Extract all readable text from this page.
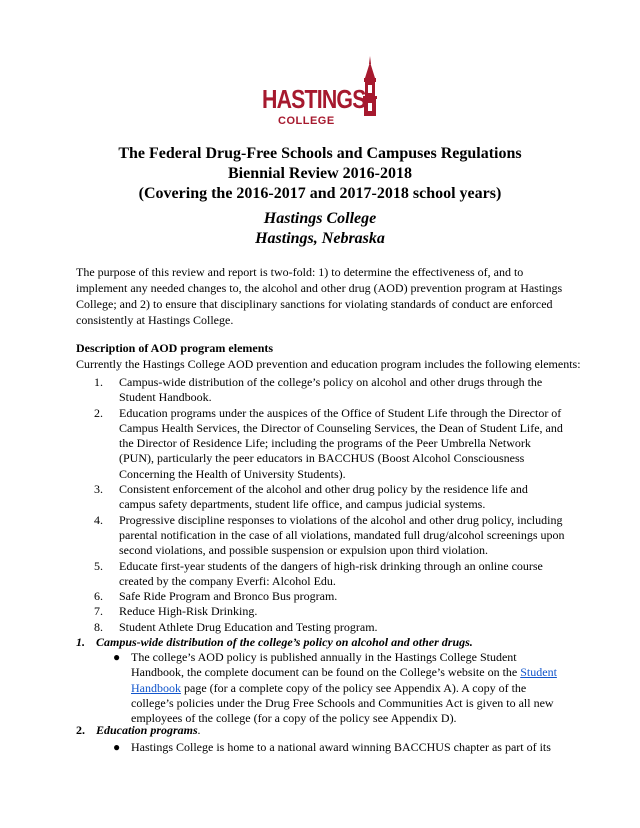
HASTINGS
COLLEGE
The Federal Drug-Free Schools and Campuses Regulations
Biennial Review 2016-2018
(Covering the 2016-2017 and 2017-2018 school years)
Hastings College
Hastings, Nebraska
The purpose of this review and report is two-fold: 1) to determine the effectiveness of, and to implement any needed changes to, the alcohol and other drug (AOD) prevention program at Hastings College; and 2) to ensure that disciplinary sanctions for violating standards of conduct are enforced consistently at Hastings College.
Description of AOD program elements
Currently the Hastings College AOD prevention and education program includes the following elements:
1. Campus-wide distribution of the college’s policy on alcohol and other drugs through the Student Handbook.
2. Education programs under the auspices of the Office of Student Life through the Director of Campus Health Services, the Director of Counseling Services, the Dean of Student Life, and the Director of Residence Life; including the programs of the Peer Umbrella Network (PUN), particularly the peer educators in BACCHUS (Boost Alcohol Consciousness Concerning the Health of University Students).
3. Consistent enforcement of the alcohol and other drug policy by the residence life and campus safety departments, student life office, and campus judicial systems.
4. Progressive discipline responses to violations of the alcohol and other drug policy, including parental notification in the case of all violations, mandated full drug/alcohol screenings upon second violations, and possible suspension or expulsion upon third violation.
5. Educate first-year students of the dangers of high-risk drinking through an online course created by the company Everfi: Alcohol Edu.
6. Safe Ride Program and Bronco Bus program.
7. Reduce High-Risk Drinking.
8. Student Athlete Drug Education and Testing program.
1. Campus-wide distribution of the college’s policy on alcohol and other drugs.
● The college’s AOD policy is published annually in the Hastings College Student Handbook, the complete document can be found on the College’s website on the Student Handbook page (for a complete copy of the policy see Appendix A). A copy of the college’s policies under the Drug Free Schools and Communities Act is given to all new employees of the college (for a copy of the policy see Appendix D).
2. Education programs.
● Hastings College is home to a national award winning BACCHUS chapter as part of its
